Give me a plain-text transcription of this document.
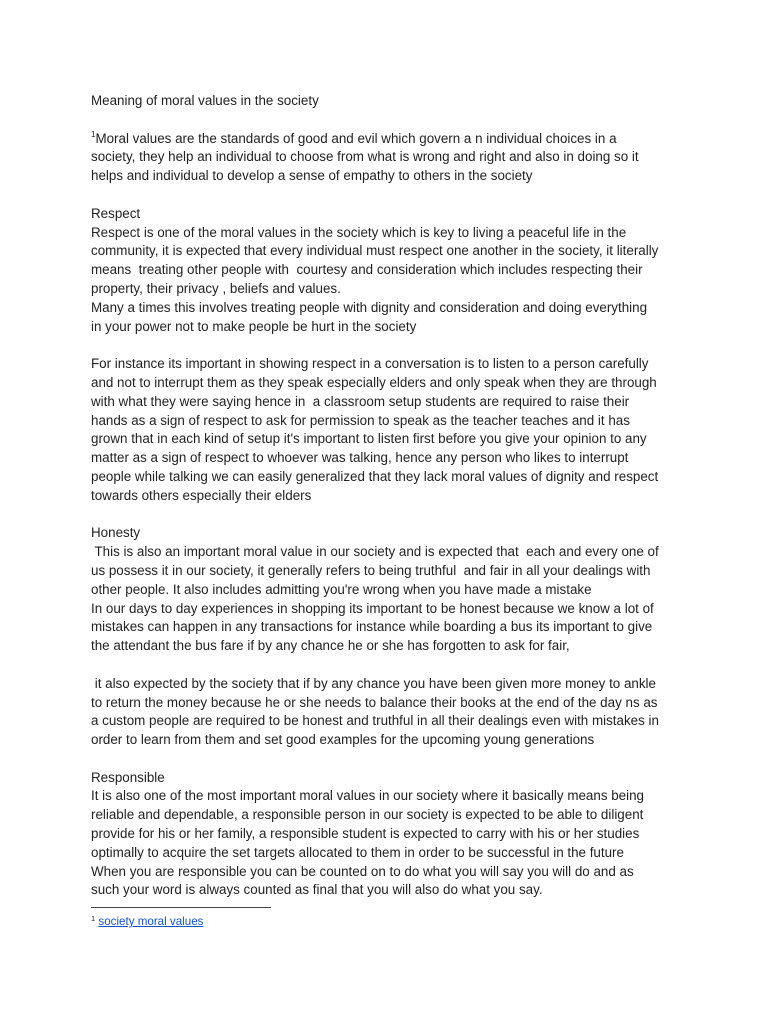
Meaning of moral values in the society
$^1$Moral values are the standards of good and evil which govern a n individual choices in a
society, they help an individual to choose from what is wrong and right and also in doing so it
helps and individual to develop a sense of empathy to others in the society
Respect
Respect is one of the moral values in the society which is key to living a peaceful life in the
community, it is expected that every individual must respect one another in the society, it literally
means  treating other people with  courtesy and consideration which includes respecting their
property, their privacy , beliefs and values.
Many a times this involves treating people with dignity and consideration and doing everything
in your power not to make people be hurt in the society
For instance its important in showing respect in a conversation is to listen to a person carefully
and not to interrupt them as they speak especially elders and only speak when they are through
with what they were saying hence in  a classroom setup students are required to raise their
hands as a sign of respect to ask for permission to speak as the teacher teaches and it has
grown that in each kind of setup it's important to listen first before you give your opinion to any
matter as a sign of respect to whoever was talking, hence any person who likes to interrupt
people while talking we can easily generalized that they lack moral values of dignity and respect
towards others especially their elders
Honesty
This is also an important moral value in our society and is expected that  each and every one of
us possess it in our society, it generally refers to being truthful  and fair in all your dealings with
other people. It also includes admitting you're wrong when you have made a mistake
In our days to day experiences in shopping its important to be honest because we know a lot of
mistakes can happen in any transactions for instance while boarding a bus its important to give
the attendant the bus fare if by any chance he or she has forgotten to ask for fair,
it also expected by the society that if by any chance you have been given more money to ankle
to return the money because he or she needs to balance their books at the end of the day ns as
a custom people are required to be honest and truthful in all their dealings even with mistakes in
order to learn from them and set good examples for the upcoming young generations
Responsible
It is also one of the most important moral values in our society where it basically means being
reliable and dependable, a responsible person in our society is expected to be able to diligent
provide for his or her family, a responsible student is expected to carry with his or her studies
optimally to acquire the set targets allocated to them in order to be successful in the future
When you are responsible you can be counted on to do what you will say you will do and as
such your word is always counted as final that you will also do what you say.
$^1$ society moral values
